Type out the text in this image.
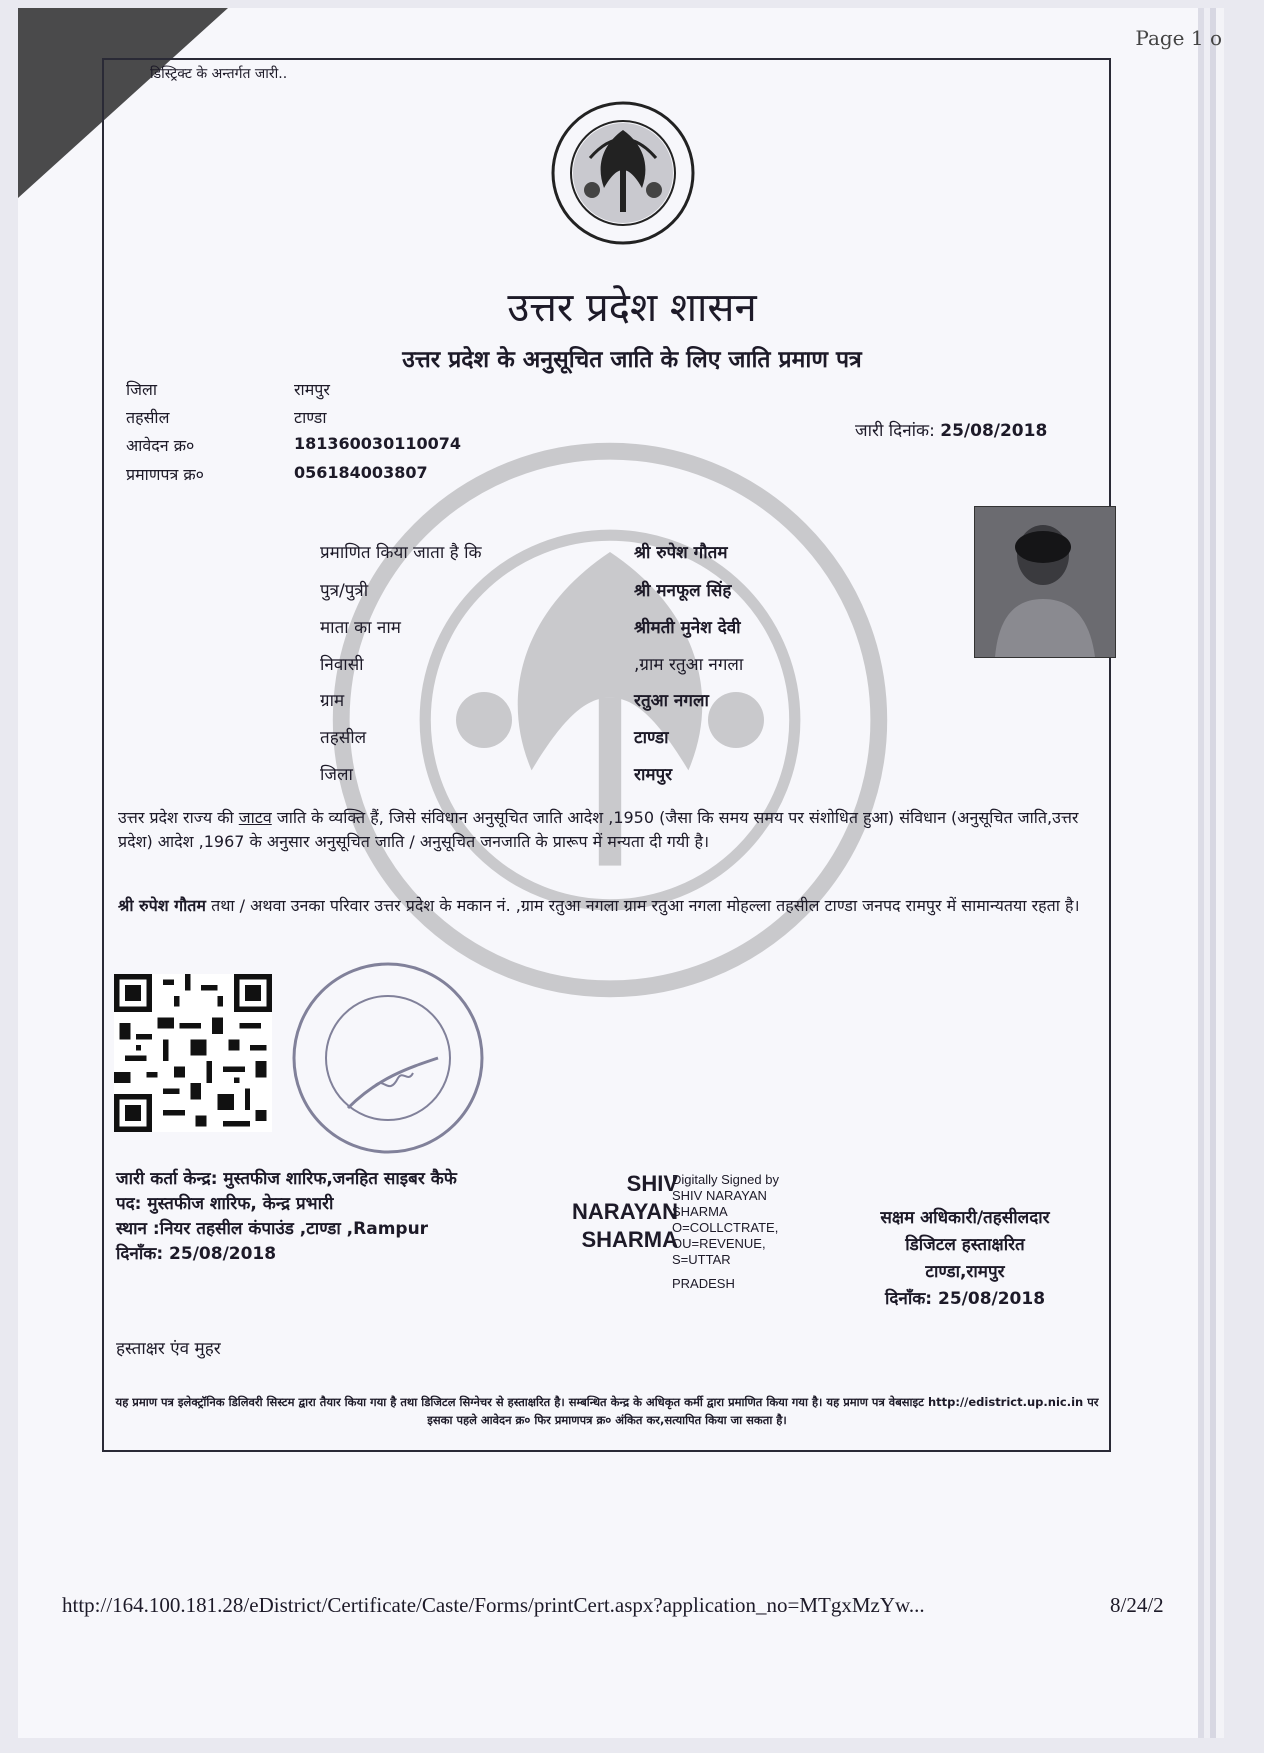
Page 1 o
डिस्ट्रिक्ट के अन्तर्गत जारी..
उत्तर प्रदेश शासन
उत्तर प्रदेश के अनुसूचित जाति के लिए जाति प्रमाण पत्र
जिला	रामपुर
तहसील	टाण्डा
आवेदन क्र०	181360030110074
प्रमाणपत्र क्र०	056184003807
जारी दिनांक: 25/08/2018
प्रमाणित किया जाता है कि	श्री रुपेश गौतम
पुत्र/पुत्री	श्री मनफूल सिंह
माता का नाम	श्रीमती मुनेश देवी
निवासी	,ग्राम रतुआ नगला
ग्राम	रतुआ नगला
तहसील	टाण्डा
जिला	रामपुर
उत्तर प्रदेश राज्य की जाटव जाति के व्यक्ति हैं, जिसे संविधान अनुसूचित जाति आदेश ,1950 (जैसा कि समय समय पर संशोधित हुआ) संविधान (अनुसूचित जाति,उत्तर प्रदेश) आदेश ,1967 के अनुसार अनुसूचित जाति / अनुसूचित जनजाति के प्रारूप में मन्यता दी गयी है।
श्री रुपेश गौतम तथा / अथवा उनका परिवार उत्तर प्रदेश के मकान नं. ,ग्राम रतुआ नगला ग्राम रतुआ नगला मोहल्ला तहसील टाण्डा जनपद रामपुर में सामान्यतया रहता है।
जारी कर्ता केन्द्र: मुस्तफीज शारिफ,जनहित साइबर कैफे
पद: मुस्तफीज शारिफ, केन्द्र प्रभारी
स्थान :नियर तहसील कंपाउंड ,टाण्डा ,Rampur
दिनाँक: 25/08/2018
SHIV
NARAYAN
SHARMA
Digitally Signed by
SHIV NARAYAN
SHARMA
O=COLLCTRATE,
OU=REVENUE,
S=UTTAR
PRADESH
सक्षम अधिकारी/तहसीलदार
डिजिटल हस्ताक्षरित
टाण्डा,रामपुर
दिनाँक: 25/08/2018
हस्ताक्षर एंव मुहर
यह प्रमाण पत्र इलेक्ट्रॉनिक डिलिवरी सिस्टम द्वारा तैयार किया गया है तथा डिजिटल सिग्नेचर से हस्ताक्षरित है। सम्बन्धित केन्द्र के अधिकृत कर्मी द्वारा प्रमाणित किया गया है। यह प्रमाण पत्र वेबसाइट http://edistrict.up.nic.in पर इसका पहले आवेदन क्र० फिर प्रमाणपत्र क्र० अंकित कर,सत्यापित किया जा सकता है।
http://164.100.181.28/eDistrict/Certificate/Caste/Forms/printCert.aspx?application_no=MTgxMzYw...	8/24/2
